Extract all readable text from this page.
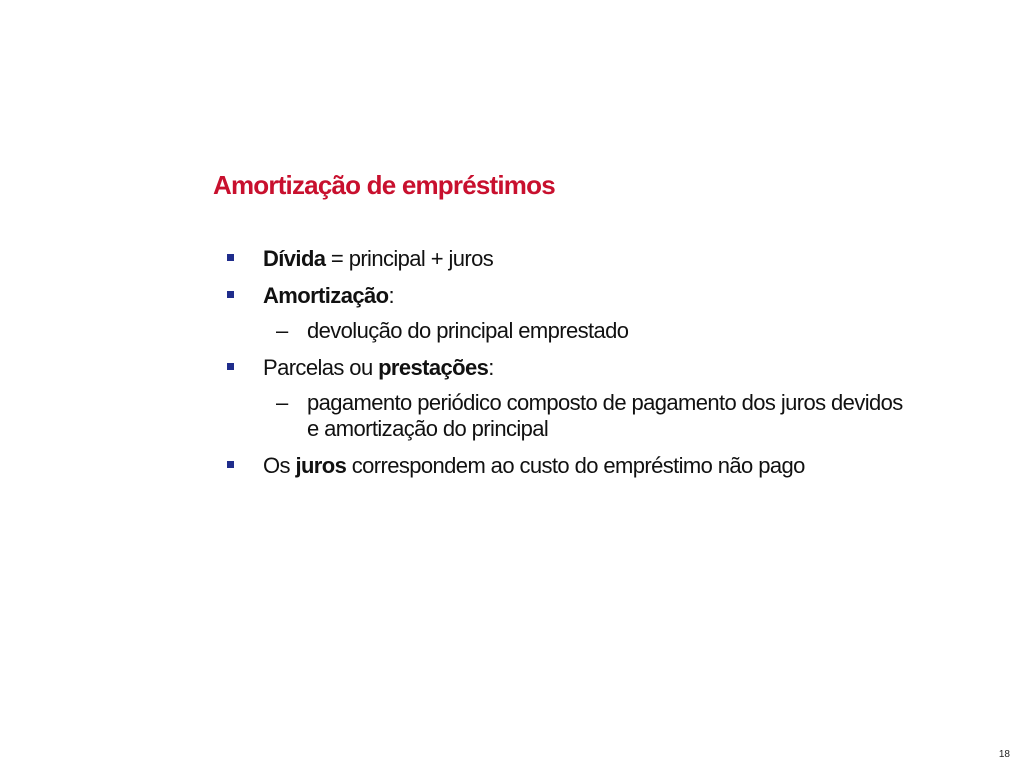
Amortização de empréstimos
Dívida = principal + juros
Amortização:
– devolução do principal emprestado
Parcelas ou prestações:
– pagamento periódico composto de pagamento dos juros devidos e amortização do principal
Os juros correspondem ao custo do empréstimo não pago
18
